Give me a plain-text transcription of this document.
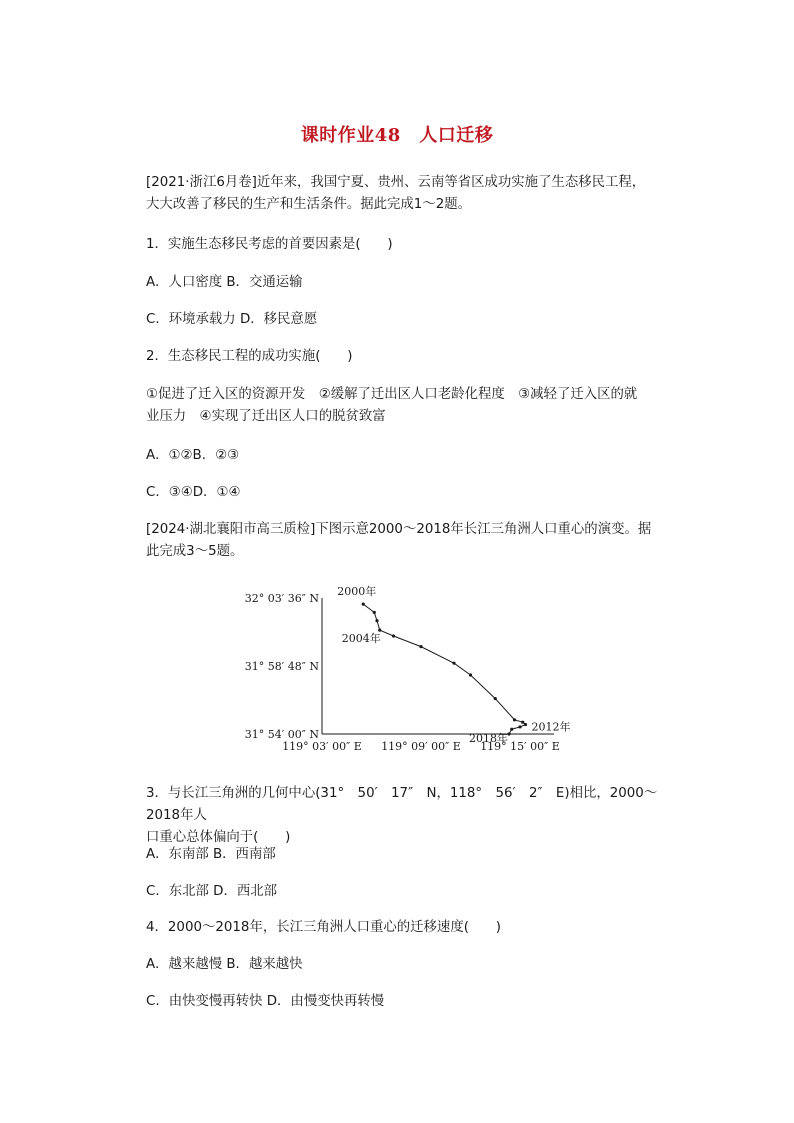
课时作业48　人口迁移
[2021·浙江6月卷]近年来，我国宁夏、贵州、云南等省区成功实施了生态移民工程，
大大改善了移民的生产和生活条件。据此完成1～2题。
1．实施生态移民考虑的首要因素是(　　)
A．人口密度 B．交通运输
C．环境承载力 D．移民意愿
2．生态移民工程的成功实施(　　)
①促进了迁入区的资源开发　②缓解了迁出区人口老龄化程度　③减轻了迁入区的就
业压力　④实现了迁出区人口的脱贫致富
A．①②B．②③
C．③④D．①④
[2024·湖北襄阳市高三质检]下图示意2000～2018年长江三角洲人口重心的演变。据
此完成3～5题。
32° 03′ 36″ N
31° 58′ 48″ N
31° 54′ 00″ N
119° 03′ 00″ E 119° 09′ 00″ E 119° 15′ 00″ E
2000年
2004年
2012年
2018年
3．与长江三角洲的几何中心(31°　50′　17″　N，118°　56′　2″　E)相比，2000～2018年人
口重心总体偏向于(　　)
A．东南部 B．西南部
C．东北部 D．西北部
4．2000～2018年，长江三角洲人口重心的迁移速度(　　)
A．越来越慢 B．越来越快
C．由快变慢再转快 D．由慢变快再转慢
